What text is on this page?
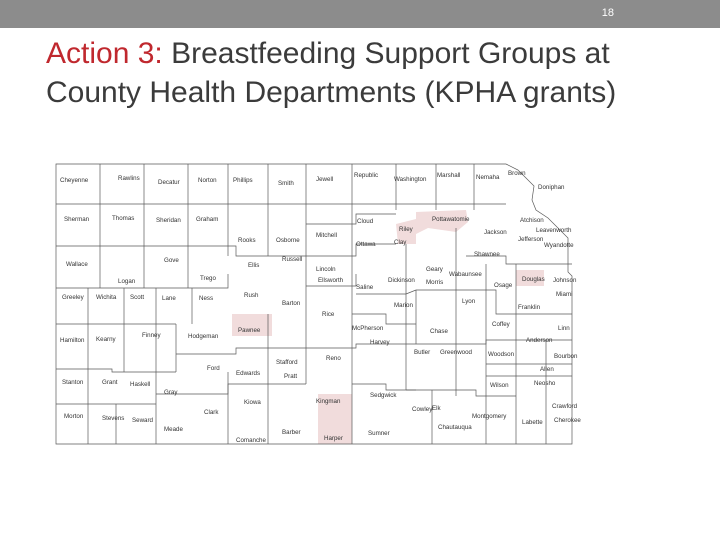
18
Action 3: Breastfeeding Support Groups at County Health Departments (KPHA grants)
Cheyenne	Rawlins
Decatur	Norton	Phillips	Smith
Jewell
Republic
Washington
Marshall	Nemaha
Brown
Doniphan
Sherman	Thomas	Sheridan Graham
Rooks	Osborne
Mitchell
Cloud
Clay
Riley
Pottawatomie
Jackson
Atchison
Jefferson
Leavenworth
Wyandotte
Ottawa
Shawnee
Wallace
Gove
Trego
Ellis
Russell
Lincoln
Ellsworth
Saline
Dickinson
Geary
Morris
Wabaunsee
Osage
Douglas Johnson
Miami
Logan
Greeley Wichita Scott	Lane	Ness	Rush
Barton
Rice
Marion
Lyon
Franklin
Hamilton Kearny
Finney	Hodgeman
Pawnee	McPherson
Harvey
Chase
Coffey
Anderson
Linn
Butler Greenwood	Woodson	Bourbon
Ford
Edwards
Stafford
Pratt
Reno
Allen
Stanton	Grant Haskell
Gray
Wilson	Neosho
Sedgwick
Kingman
Kiowa
Morton	Stevens Seward
Clark	Cowley Elk
Montgomery
Crawford
Labette Cherokee
Chautauqua
Meade	Barber
Harper
Sumner
Comanche
